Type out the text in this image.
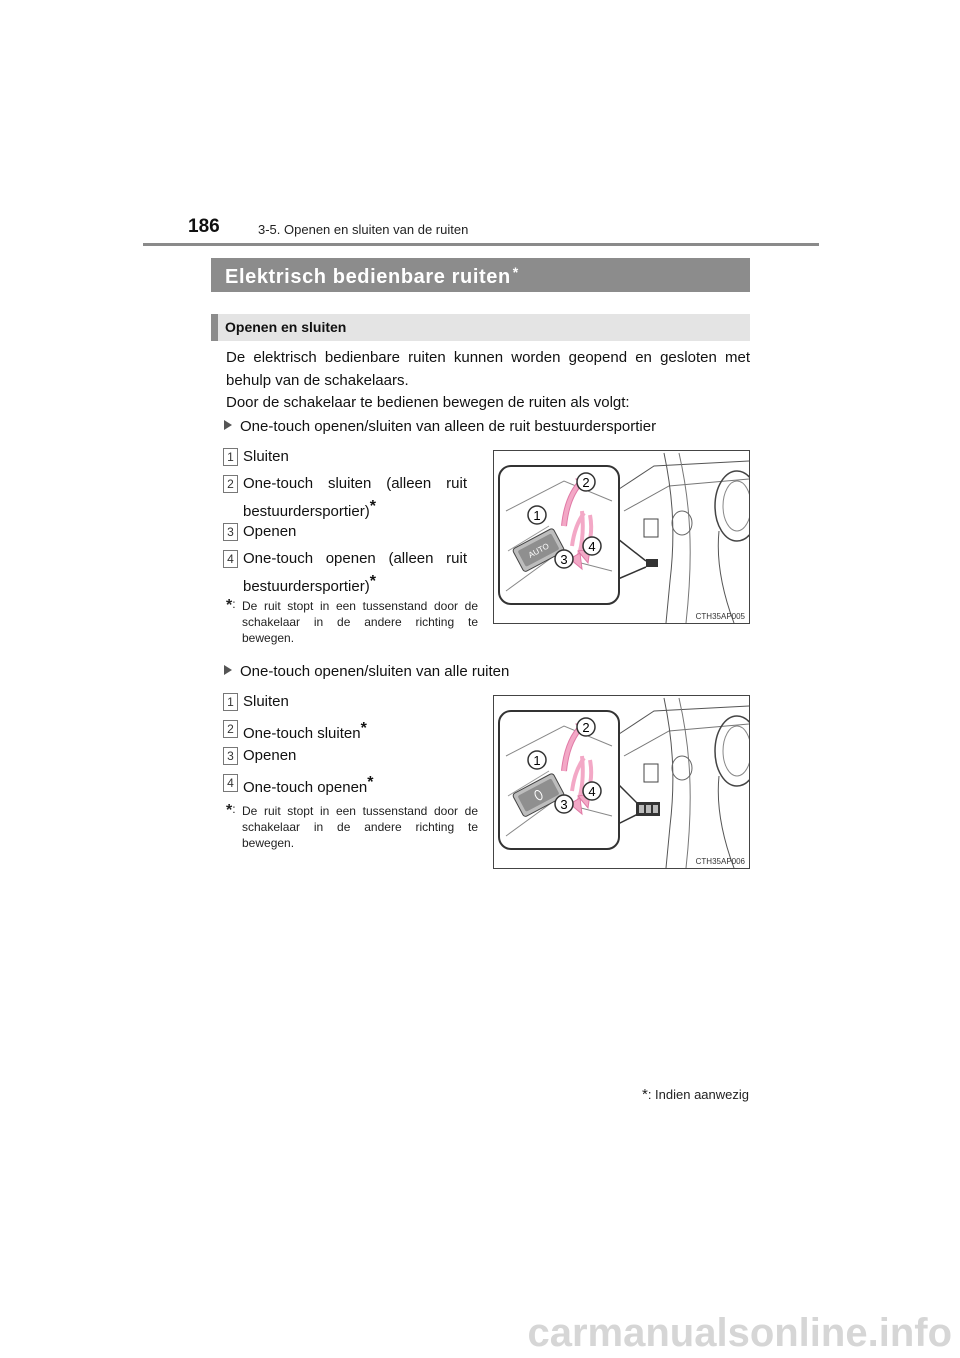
186	3-5. Openen en sluiten van de ruiten
Elektrisch bedienbare ruiten *
Openen en sluiten

De elektrisch bedienbare ruiten kunnen worden geopend en gesloten met behulp van de schakelaars.

Door de schakelaar te bedienen bewegen de ruiten als volgt:

One-touch openen/sluiten van alleen de ruit bestuurdersportier
1 Sluiten
2 One-touch sluiten (alleen ruit bestuurdersportier)*
3 Openen
4 One-touch openen (alleen ruit bestuurdersportier)*
*: De ruit stopt in een tussenstand door de schakelaar in de andere richting te bewegen.
AUTO
1
2
3
4
CTH35AP005
One-touch openen/sluiten van alle ruiten
1 Sluiten
2 One-touch sluiten*
3 Openen
4 One-touch openen*
*: De ruit stopt in een tussenstand door de schakelaar in de andere richting te bewegen.
1
2
3
4
CTH35AP006
*: Indien aanwezig
carmanualsonline.info
